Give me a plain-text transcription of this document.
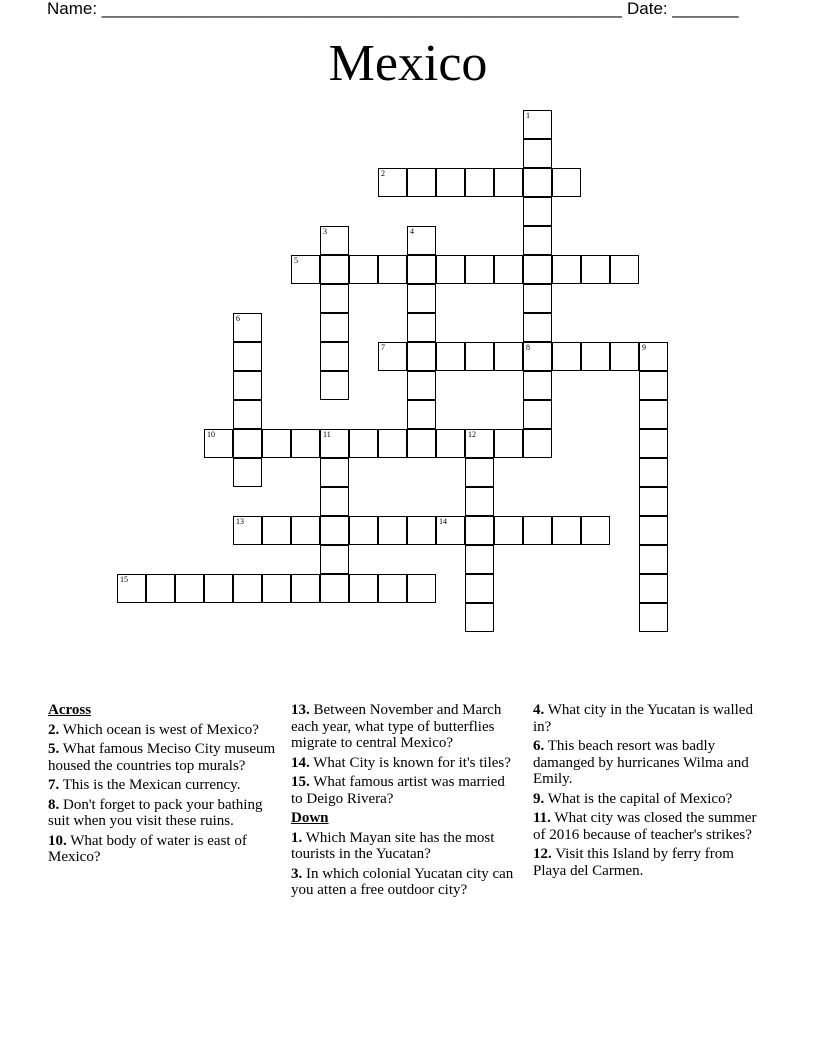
Name: _______________________________________________________ Date: _______
Mexico
1
8
2
3	4
5
6
7	9
10	11	12
13	14
15
Across
2. Which ocean is west of Mexico?
5. What famous Meciso City museum housed the countries top murals?
7. This is the Mexican currency.
8. Don't forget to pack your bathing suit when you visit these ruins.
10. What body of water is east of Mexico?
13. Between November and March each year, what type of butterflies migrate to central Mexico?
14. What City is known for it's tiles?
15. What famous artist was married to Deigo Rivera?
Down
1. Which Mayan site has the most tourists in the Yucatan?
3. In which colonial Yucatan city can you atten a free outdoor city?
4. What city in the Yucatan is walled in?
6. This beach resort was badly damanged by hurricanes Wilma and Emily.
9. What is the capital of Mexico?
11. What city was closed the summer of 2016 because of teacher's strikes?
12. Visit this Island by ferry from Playa del Carmen.
